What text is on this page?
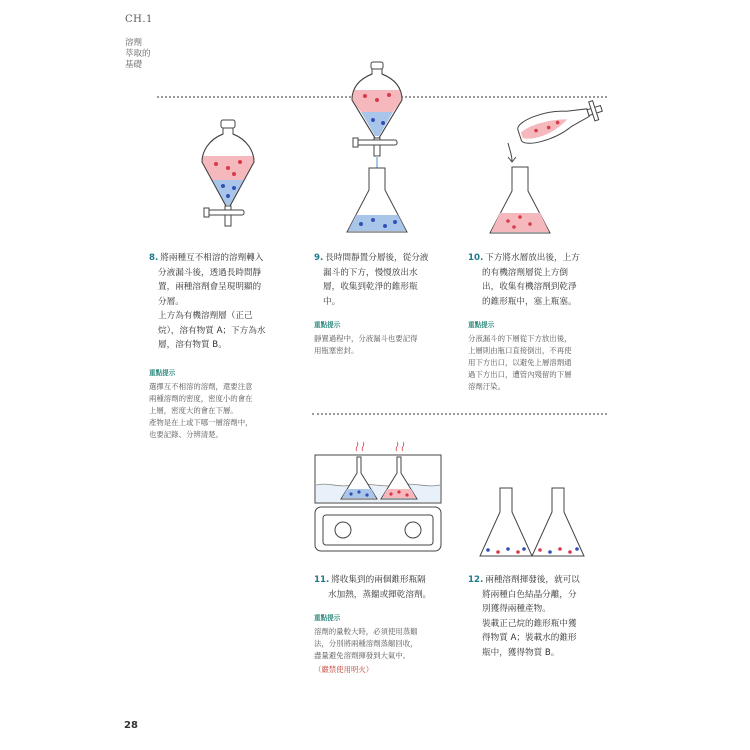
CH.1
溶劑
萃取的
基礎
8. 將兩種互不相溶的溶劑轉入
分液漏斗後，透過長時間靜
置，兩種溶劑會呈現明顯的
分層。
上方為有機溶劑層（正己
烷），溶有物質 A；下方為水
層，溶有物質 B。
重點提示
選擇互不相溶的溶劑，還要注意
兩種溶劑的密度，密度小的會在
上層，密度大的會在下層。
產物是在上或下哪一層溶劑中，
也要記錄、分辨清楚。
9. 長時間靜置分層後，從分液
漏斗的下方，慢慢放出水
層，收集到乾淨的錐形瓶
中。
重點提示
靜置過程中，分液漏斗也要記得
用瓶塞密封。
10. 下方將水層放出後，上方
的有機溶劑層從上方倒
出，收集有機溶劑到乾淨
的錐形瓶中，塞上瓶塞。
重點提示
分液漏斗的下層從下方放出後，
上層則由瓶口直接倒出，不再使
用下方出口，以避免上層溶劑通
過下方出口，遭管內殘留的下層
溶劑汙染。
11. 將收集到的兩個錐形瓶隔
水加熱，蒸餾或揮乾溶劑。
重點提示
溶劑的量較大時，必須使用蒸餾
法，分別將兩種溶劑蒸餾回收，
盡量避免溶劑揮發到大氣中。
（嚴禁使用明火）
12. 兩種溶劑揮發後，就可以
將兩種白色結晶分離，分
別獲得兩種產物。
裝載正己烷的錐形瓶中獲
得物質 A；裝載水的錐形
瓶中，獲得物質 B。
28
